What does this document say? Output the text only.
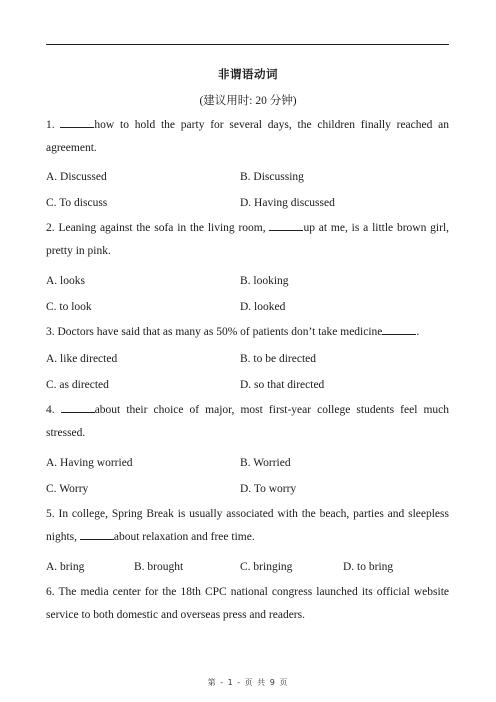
非谓语动词
(建议用时: 20 分钟)
1.	how to hold the party for several days, the children finally reached an agreement.
A. Discussed	B. Discussing
C. To discuss	D. Having discussed
2. Leaning against the sofa in the living room,	up at me, is a little brown girl, pretty in pink.
A. looks	B. looking
C. to look	D. looked
3. Doctors have said that as many as 50% of patients don’t take medicine	.
A. like directed	B. to be directed
C. as directed	D. so that directed
4.	about their choice of major, most first-year college students feel much stressed.
A. Having worried	B. Worried
C. Worry	D. To worry
5. In college, Spring Break is usually associated with the beach, parties and sleepless nights,	about relaxation and free time.
A. bring	B. brought	C. bringing	D. to bring
6. The media center for the 18th CPC national congress launched its official website service to both domestic and overseas press and readers.
第 - 1 - 页 共 9 页
